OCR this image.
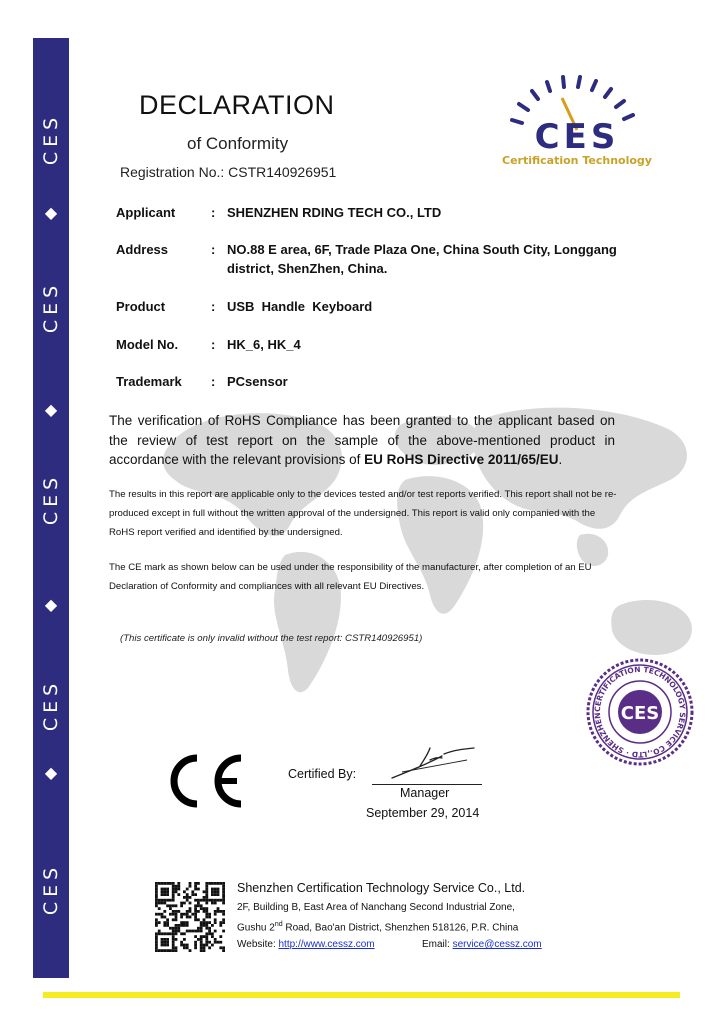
CES
◆
CES
◆
CES
◆
CES
◆
CES
DECLARATION
of Conformity
Registration No.: CSTR140926951
CES
Certification Technology
Applicant	: SHENZHEN RDING TECH CO., LTD
Address	: NO.88 E area, 6F, Trade Plaza One, China South City, Longgang district, ShenZhen, China.
Product	: USB  Handle  Keyboard
Model No.	: HK_6, HK_4
Trademark : PCsensor
The verification of RoHS Compliance has been granted to the applicant based on the review of test report on the sample of the above-mentioned product in accordance with the relevant provisions of EU RoHS Directive 2011/65/EU.
The results in this report are applicable only to the devices tested and/or test reports verified. This report shall not be re-produced except in full without the written approval of the undersigned. This report is valid only companied with the RoHS report verified and identified by the undersigned.
The CE mark as shown below can be used under the responsibility of the manufacturer, after completion of an EU Declaration of Conformity and compliances with all relevant EU Directives.
(This certificate is only invalid without the test report: CSTR140926951)
CERTIFICATION TECHNOLOGY SERVICE CO.,LTD · SHENZHEN	CES
Certified By:
Manager
September 29, 2014
Shenzhen Certification Technology Service Co., Ltd.
2F, Building B, East Area of Nanchang Second Industrial Zone,
Gushu 2nd Road, Bao'an District, Shenzhen 518126, P.R. China
Website: http://www.cessz.com	Email: service@cessz.com
